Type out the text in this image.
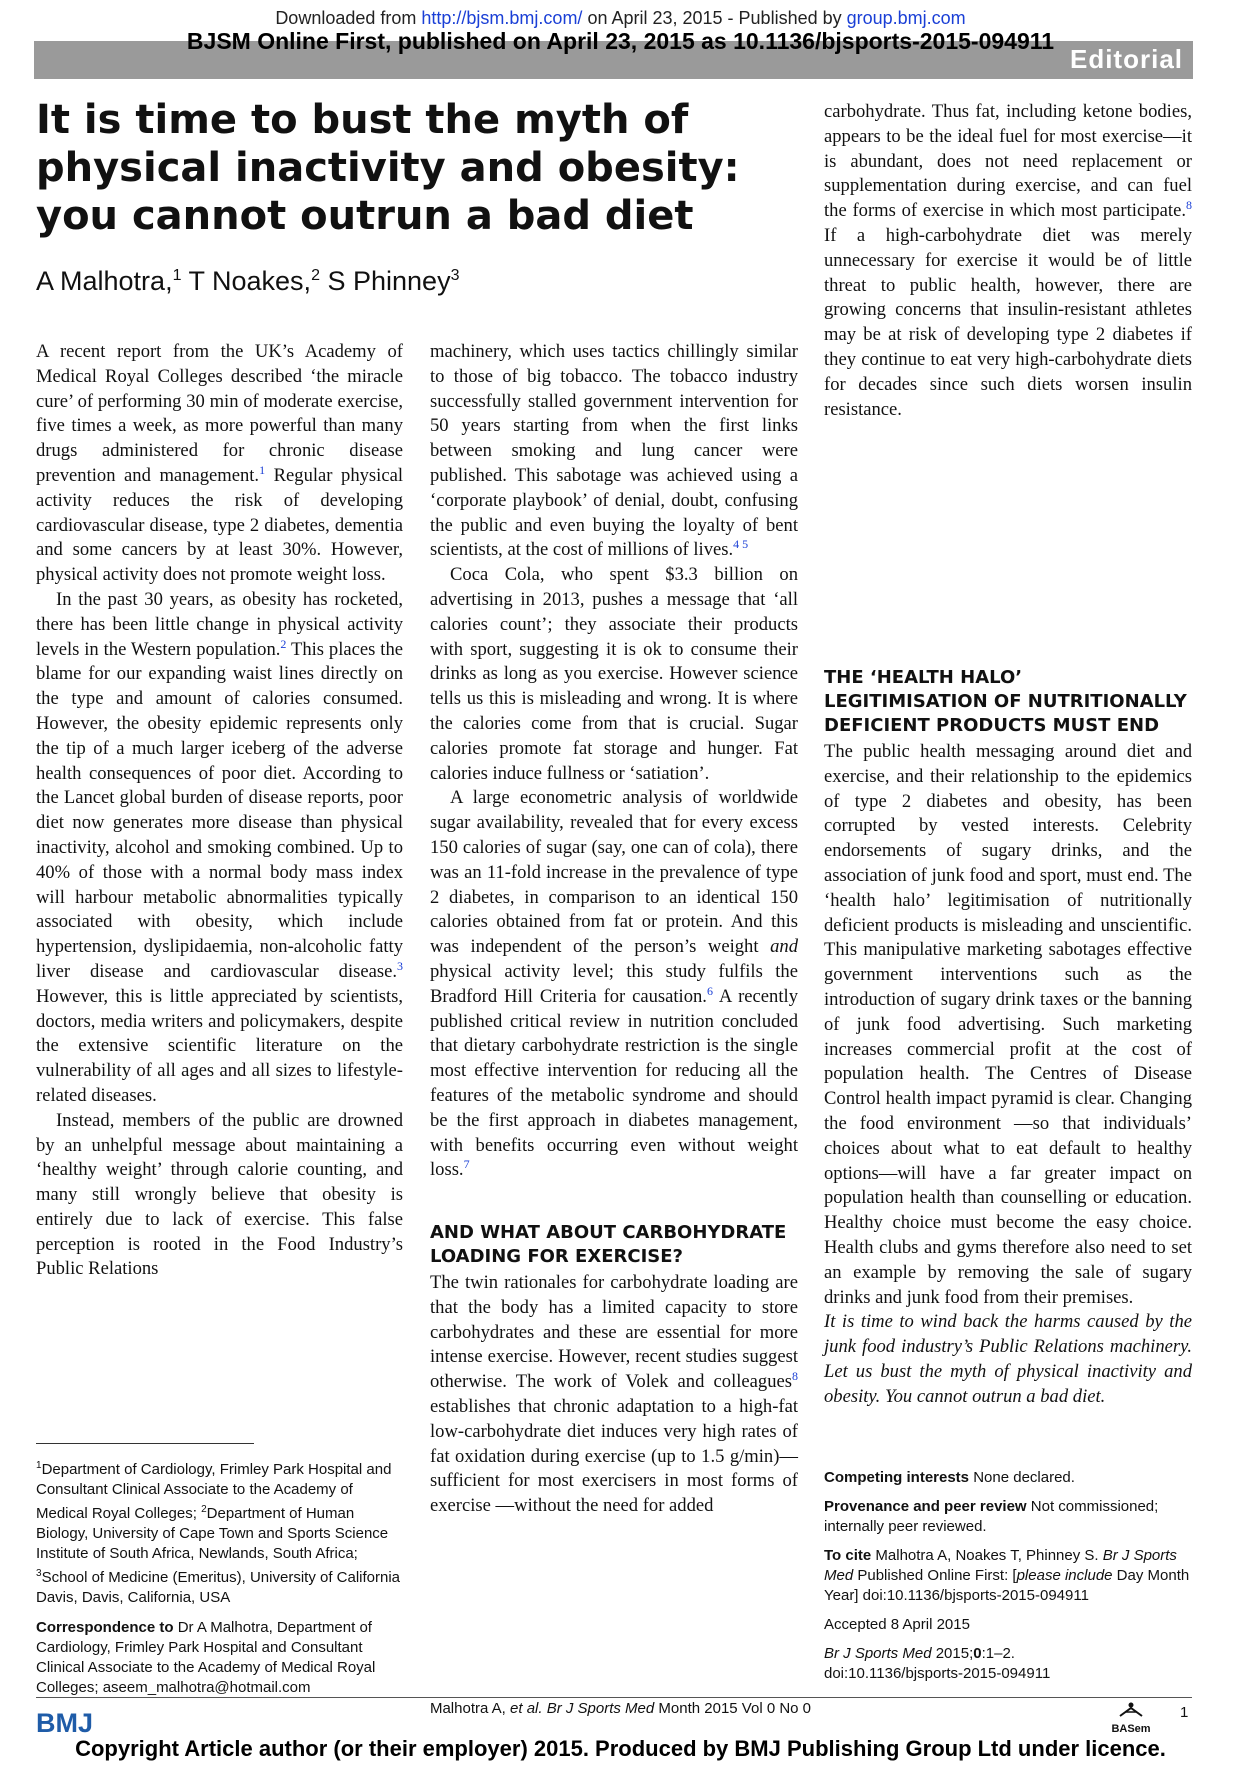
Downloaded from http://bjsm.bmj.com/ on April 23, 2015 - Published by group.bmj.com
Editorial
BJSM Online First, published on April 23, 2015 as 10.1136/bjsports-2015-094911
It is time to bust the myth of physical inactivity and obesity: you cannot outrun a bad diet
A Malhotra,$^1$ T Noakes,$^2$ S Phinney$^3$

A recent report from the UK’s Academy of Medical Royal Colleges described ‘the miracle cure’ of performing 30 min of moderate exercise, five times a week, as more powerful than many drugs administered for chronic disease prevention and management.$^1$ Regular physical activity reduces the risk of developing cardiovascular disease, type 2 diabetes, dementia and some cancers by at least 30%. However, physical activity does not promote weight loss.

In the past 30 years, as obesity has rocketed, there has been little change in physical activity levels in the Western population.$^2$ This places the blame for our expanding waist lines directly on the type and amount of calories consumed. However, the obesity epidemic represents only the tip of a much larger iceberg of the adverse health consequences of poor diet. According to the Lancet global burden of disease reports, poor diet now generates more disease than physical inactivity, alcohol and smoking combined. Up to 40% of those with a normal body mass index will harbour metabolic abnormalities typically associated with obesity, which include hypertension, dyslipidaemia, non-alcoholic fatty liver disease and cardiovascular disease.$^3$ However, this is little appreciated by scientists, doctors, media writers and policymakers, despite the extensive scientific literature on the vulnerability of all ages and all sizes to lifestyle-related diseases.

Instead, members of the public are drowned by an unhelpful message about maintaining a ‘healthy weight’ through calorie counting, and many still wrongly believe that obesity is entirely due to lack of exercise. This false perception is rooted in the Food Industry’s Public Relations

machinery, which uses tactics chillingly similar to those of big tobacco. The tobacco industry successfully stalled government intervention for 50 years starting from when the first links between smoking and lung cancer were published. This sabotage was achieved using a ‘corporate playbook’ of denial, doubt, confusing the public and even buying the loyalty of bent scientists, at the cost of millions of lives.$^{4 5}$

Coca Cola, who spent $3.3 billion on advertising in 2013, pushes a message that ‘all calories count’; they associate their products with sport, suggesting it is ok to consume their drinks as long as you exercise. However science tells us this is misleading and wrong. It is where the calories come from that is crucial. Sugar calories promote fat storage and hunger. Fat calories induce fullness or ‘satiation’.

A large econometric analysis of worldwide sugar availability, revealed that for every excess 150 calories of sugar (say, one can of cola), there was an 11-fold increase in the prevalence of type 2 diabetes, in comparison to an identical 150 calories obtained from fat or protein. And this was independent of the person’s weight and physical activity level; this study fulfils the Bradford Hill Criteria for causation.$^6$ A recently published critical review in nutrition concluded that dietary carbohydrate restriction is the single most effective intervention for reducing all the features of the metabolic syndrome and should be the first approach in diabetes management, with benefits occurring even without weight loss.$^7$

AND WHAT ABOUT CARBOHYDRATE LOADING FOR EXERCISE?

The twin rationales for carbohydrate loading are that the body has a limited capacity to store carbohydrates and these are essential for more intense exercise. However, recent studies suggest otherwise. The work of Volek and colleagues$^8$ establishes that chronic adaptation to a high-fat low-carbohydrate diet induces very high rates of fat oxidation during exercise (up to 1.5 g/min)—sufficient for most exercisers in most forms of exercise —without the need for added

carbohydrate. Thus fat, including ketone bodies, appears to be the ideal fuel for most exercise—it is abundant, does not need replacement or supplementation during exercise, and can fuel the forms of exercise in which most participate.$^8$ If a high-carbohydrate diet was merely unnecessary for exercise it would be of little threat to public health, however, there are growing concerns that insulin-resistant athletes may be at risk of developing type 2 diabetes if they continue to eat very high-carbohydrate diets for decades since such diets worsen insulin resistance.

THE ‘HEALTH HALO’ LEGITIMISATION OF NUTRITIONALLY DEFICIENT PRODUCTS MUST END

The public health messaging around diet and exercise, and their relationship to the epidemics of type 2 diabetes and obesity, has been corrupted by vested interests. Celebrity endorsements of sugary drinks, and the association of junk food and sport, must end. The ‘health halo’ legitimisation of nutritionally deficient products is misleading and unscientific. This manipulative marketing sabotages effective government interventions such as the introduction of sugary drink taxes or the banning of junk food advertising. Such marketing increases commercial profit at the cost of population health. The Centres of Disease Control health impact pyramid is clear. Changing the food environment —so that individuals’ choices about what to eat default to healthy options—will have a far greater impact on population health than counselling or education. Healthy choice must become the easy choice. Health clubs and gyms therefore also need to set an example by removing the sale of sugary drinks and junk food from their premises.

It is time to wind back the harms caused by the junk food industry’s Public Relations machinery. Let us bust the myth of physical inactivity and obesity. You cannot outrun a bad diet.

$^1$Department of Cardiology, Frimley Park Hospital and Consultant Clinical Associate to the Academy of Medical Royal Colleges; $^2$Department of Human Biology, University of Cape Town and Sports Science Institute of South Africa, Newlands, South Africa; $^3$School of Medicine (Emeritus), University of California Davis, Davis, California, USA

Correspondence to Dr A Malhotra, Department of Cardiology, Frimley Park Hospital and Consultant Clinical Associate to the Academy of Medical Royal Colleges; aseem_malhotra@hotmail.com

Competing interests None declared.

Provenance and peer review Not commissioned; internally peer reviewed.

To cite Malhotra A, Noakes T, Phinney S. Br J Sports Med Published Online First: [please include Day Month Year] doi:10.1136/bjsports-2015-094911

Accepted 8 April 2015

Br J Sports Med 2015;0:1–2.

doi:10.1136/bjsports-2015-094911

Malhotra A, et al. Br J Sports Med Month 2015 Vol 0 No 0
BMJ	BASem
1
Copyright Article author (or their employer) 2015. Produced by BMJ Publishing Group Ltd under licence.
